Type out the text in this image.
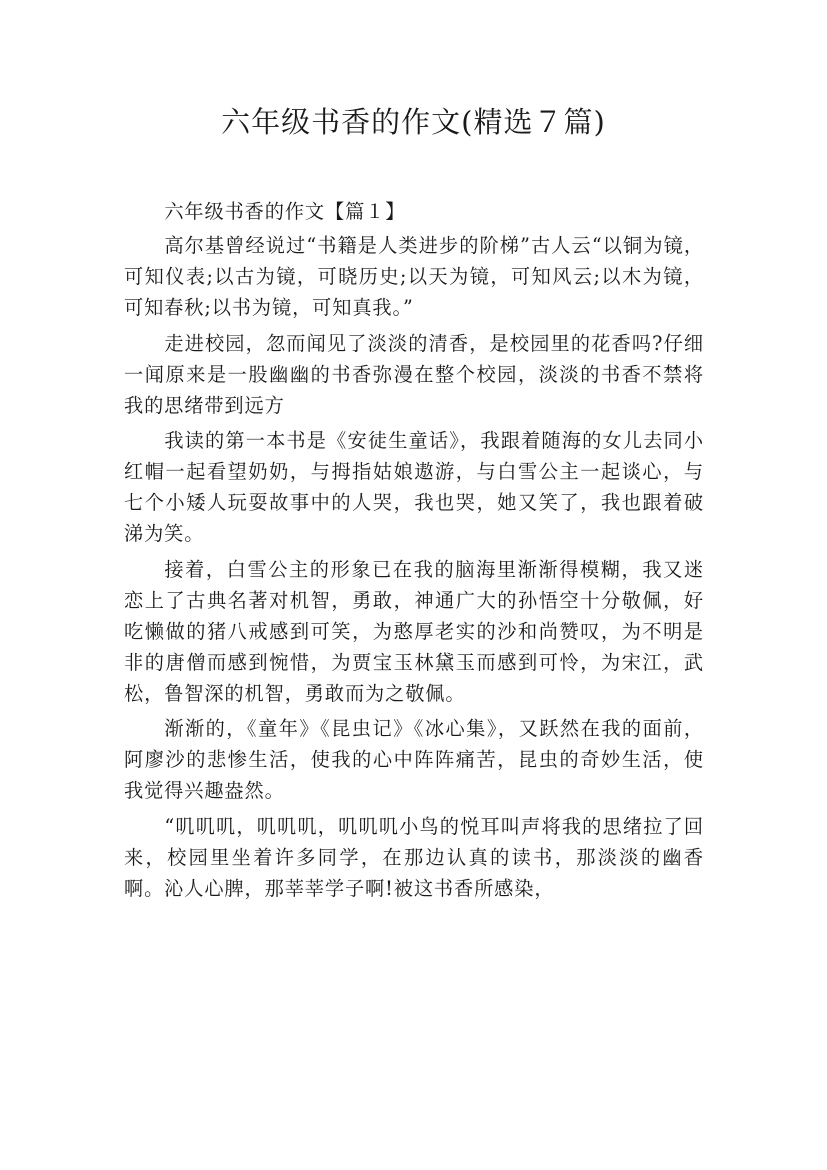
六年级书香的作文(精选７篇)

六年级书香的作文【篇１】

高尔基曾经说过“书籍是人类进步的阶梯”古人云“以铜为镜，可知仪表;以古为镜，可晓历史;以天为镜，可知风云;以木为镜，可知春秋;以书为镜，可知真我。”

走进校园，忽而闻见了淡淡的清香，是校园里的花香吗?仔细一闻原来是一股幽幽的书香弥漫在整个校园，淡淡的书香不禁将我的思绪带到远方

我读的第一本书是《安徒生童话》，我跟着随海的女儿去同小红帽一起看望奶奶，与拇指姑娘遨游，与白雪公主一起谈心，与七个小矮人玩耍故事中的人哭，我也哭，她又笑了，我也跟着破涕为笑。

接着，白雪公主的形象已在我的脑海里渐渐得模糊，我又迷恋上了古典名著对机智，勇敢，神通广大的孙悟空十分敬佩，好吃懒做的猪八戒感到可笑，为憨厚老实的沙和尚赞叹，为不明是非的唐僧而感到惋惜，为贾宝玉林黛玉而感到可怜，为宋江，武松，鲁智深的机智，勇敢而为之敬佩。

渐渐的，《童年》《昆虫记》《冰心集》，又跃然在我的面前，阿廖沙的悲惨生活，使我的心中阵阵痛苦，昆虫的奇妙生活，使我觉得兴趣盎然。

“叽叽叽，叽叽叽，叽叽叽小鸟的悦耳叫声将我的思绪拉了回来，校园里坐着许多同学，在那边认真的读书，那淡淡的幽香啊。沁人心脾，那莘莘学子啊!被这书香所感染，
